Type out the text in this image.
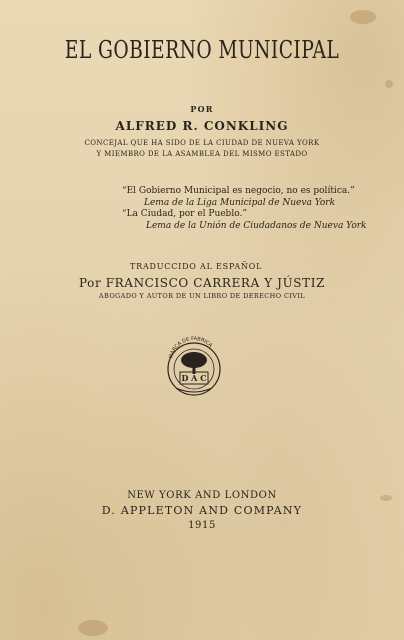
EL GOBIERNO MUNICIPAL
POR
ALFRED R. CONKLING
CONCEJAL QUE HA SIDO DE LA CIUDAD DE NUEVA YORK
Y MIEMBRO DE LA ASAMBLEA DEL MISMO ESTADO
“El Gobierno Municipal es negocio, no es política.”
Lema de la Liga Municipal de Nueva York
“La Ciudad, por el Pueblo.”
Lema de la Unión de Ciudadanos de Nueva York
TRADUCCIDO AL ESPAÑOL
Por FRANCISCO CARRERA Y JÚSTIZ
ABOGADO Y AUTOR DE UN LIBRO DE DERECHO CIVIL
MARCA DE FÁBRICA
D A C
NEW YORK AND LONDON
D. APPLETON AND COMPANY
1915
